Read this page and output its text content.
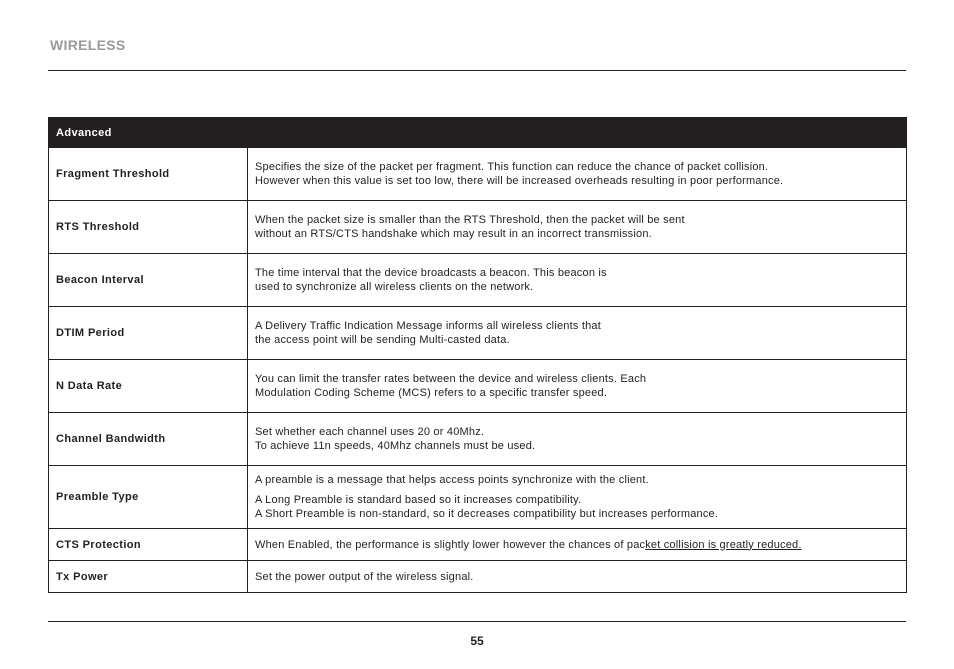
WIRELESS
Advanced	
Fragment Threshold	Specifies the size of the packet per fragment. This function can reduce the chance of packet collision.
However when this value is set too low, there will be increased overheads resulting in poor performance.

RTS Threshold	When the packet size is smaller than the RTS Threshold, then the packet will be sent
without an RTS/CTS handshake which may result in an incorrect transmission.

Beacon Interval	The time interval that the device broadcasts a beacon. This beacon is
used to synchronize all wireless clients on the network.

DTIM Period	A Delivery Traffic Indication Message informs all wireless clients that
the access point will be sending Multi-casted data.

N Data Rate	You can limit the transfer rates between the device and wireless clients. Each
Modulation Coding Scheme (MCS) refers to a specific transfer speed.

Channel Bandwidth	Set whether each channel uses 20 or 40Mhz.
To achieve 11n speeds, 40Mhz channels must be used.

Preamble Type	A preamble is a message that helps access points synchronize with the client.

A Long Preamble is standard based so it increases compatibility.
A Short Preamble is non-standard, so it decreases compatibility but increases performance.

CTS Protection	When Enabled, the performance is slightly lower however the chances of packet collision is greatly reduced.

Tx Power	Set the power output of the wireless signal.

55
